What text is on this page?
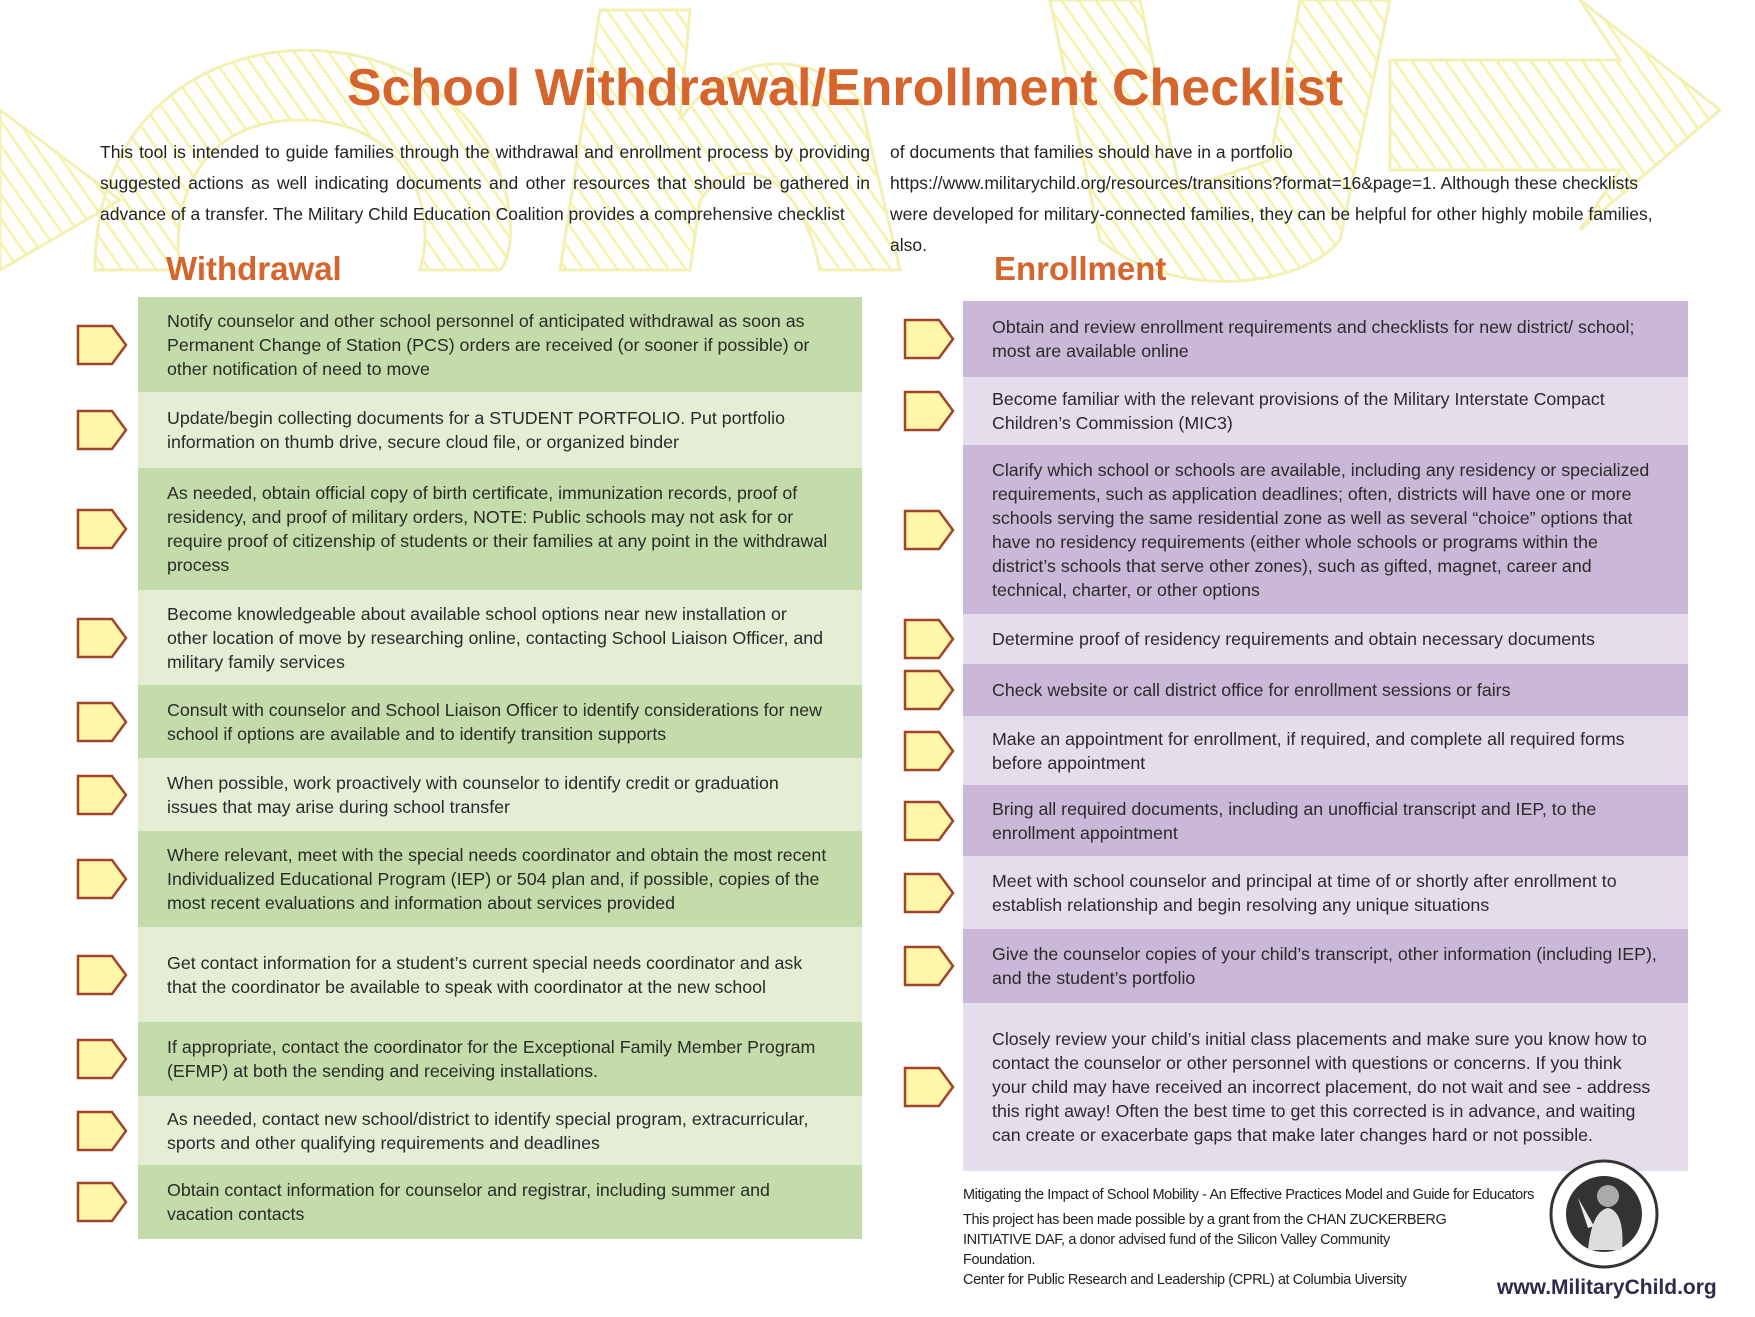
School Withdrawal/Enrollment Checklist

This tool is intended to guide families through the withdrawal and enrollment process by providing suggested actions as well indicating documents and other resources that should be gathered in advance of a transfer. The Military Child Education Coalition provides a comprehensive checklist

of documents that families should have in a portfolio https://www.militarychild.org/resources/transitions?format=16&page=1. Although these checklists were developed for military-connected families, they can be helpful for other highly mobile families, also.

Withdrawal	Enrollment
Notify counselor and other school personnel of anticipated withdrawal as soon as Permanent Change of Station (PCS) orders are received (or sooner if possible) or other notification of need to move
Update/begin collecting documents for a STUDENT PORTFOLIO. Put portfolio information on thumb drive, secure cloud file, or organized binder
As needed, obtain official copy of birth certificate, immunization records, proof of residency, and proof of military orders, NOTE: Public schools may not ask for or require proof of citizenship of students or their families at any point in the withdrawal process
Become knowledgeable about available school options near new installation or other location of move by researching online, contacting School Liaison Officer, and military family services
Consult with counselor and School Liaison Officer to identify considerations for new school if options are available and to identify transition supports
When possible, work proactively with counselor to identify credit or graduation issues that may arise during school transfer
Where relevant, meet with the special needs coordinator and obtain the most recent Individualized Educational Program (IEP) or 504 plan and, if possible, copies of the most recent evaluations and information about services provided
Get contact information for a student’s current special needs coordinator and ask that the coordinator be available to speak with coordinator at the new school
If appropriate, contact the coordinator for the Exceptional Family Member Program (EFMP) at both the sending and receiving installations.
As needed, contact new school/district to identify special program, extracurricular, sports and other qualifying requirements and deadlines
Obtain contact information for counselor and registrar, including summer and vacation contacts
Obtain and review enrollment requirements and checklists for new district/ school; most are available online
Become familiar with the relevant provisions of the Military Interstate Compact Children’s Commission (MIC3)
Clarify which school or schools are available, including any residency or specialized requirements, such as application deadlines; often, districts will have one or more schools serving the same residential zone as well as several “choice” options that have no residency requirements (either whole schools or programs within the district’s schools that serve other zones), such as gifted, magnet, career and technical, charter, or other options
Determine proof of residency requirements and obtain necessary documents
Check website or call district office for enrollment sessions or fairs
Make an appointment for enrollment, if required, and complete all required forms before appointment
Bring all required documents, including an unofficial transcript and IEP, to the enrollment appointment
Meet with school counselor and principal at time of or shortly after enrollment to establish relationship and begin resolving any unique situations
Give the counselor copies of your child’s transcript, other information (including IEP), and the student’s portfolio
Closely review your child’s initial class placements and make sure you know how to contact the counselor or other personnel with questions or concerns. If you think your child may have received an incorrect placement, do not wait and see - address this right away! Often the best time to get this corrected is in advance, and waiting can create or exacerbate gaps that make later changes hard or not possible.

Mitigating the Impact of School Mobility - An Effective Practices Model and Guide for Educators

This project has been made possible by a grant from the CHAN ZUCKERBERG INITIATIVE DAF, a donor advised fund of the Silicon Valley Community Foundation.

Center for Public Research and Leadership (CPRL) at Columbia Uiversity	www.MilitaryChild.org
